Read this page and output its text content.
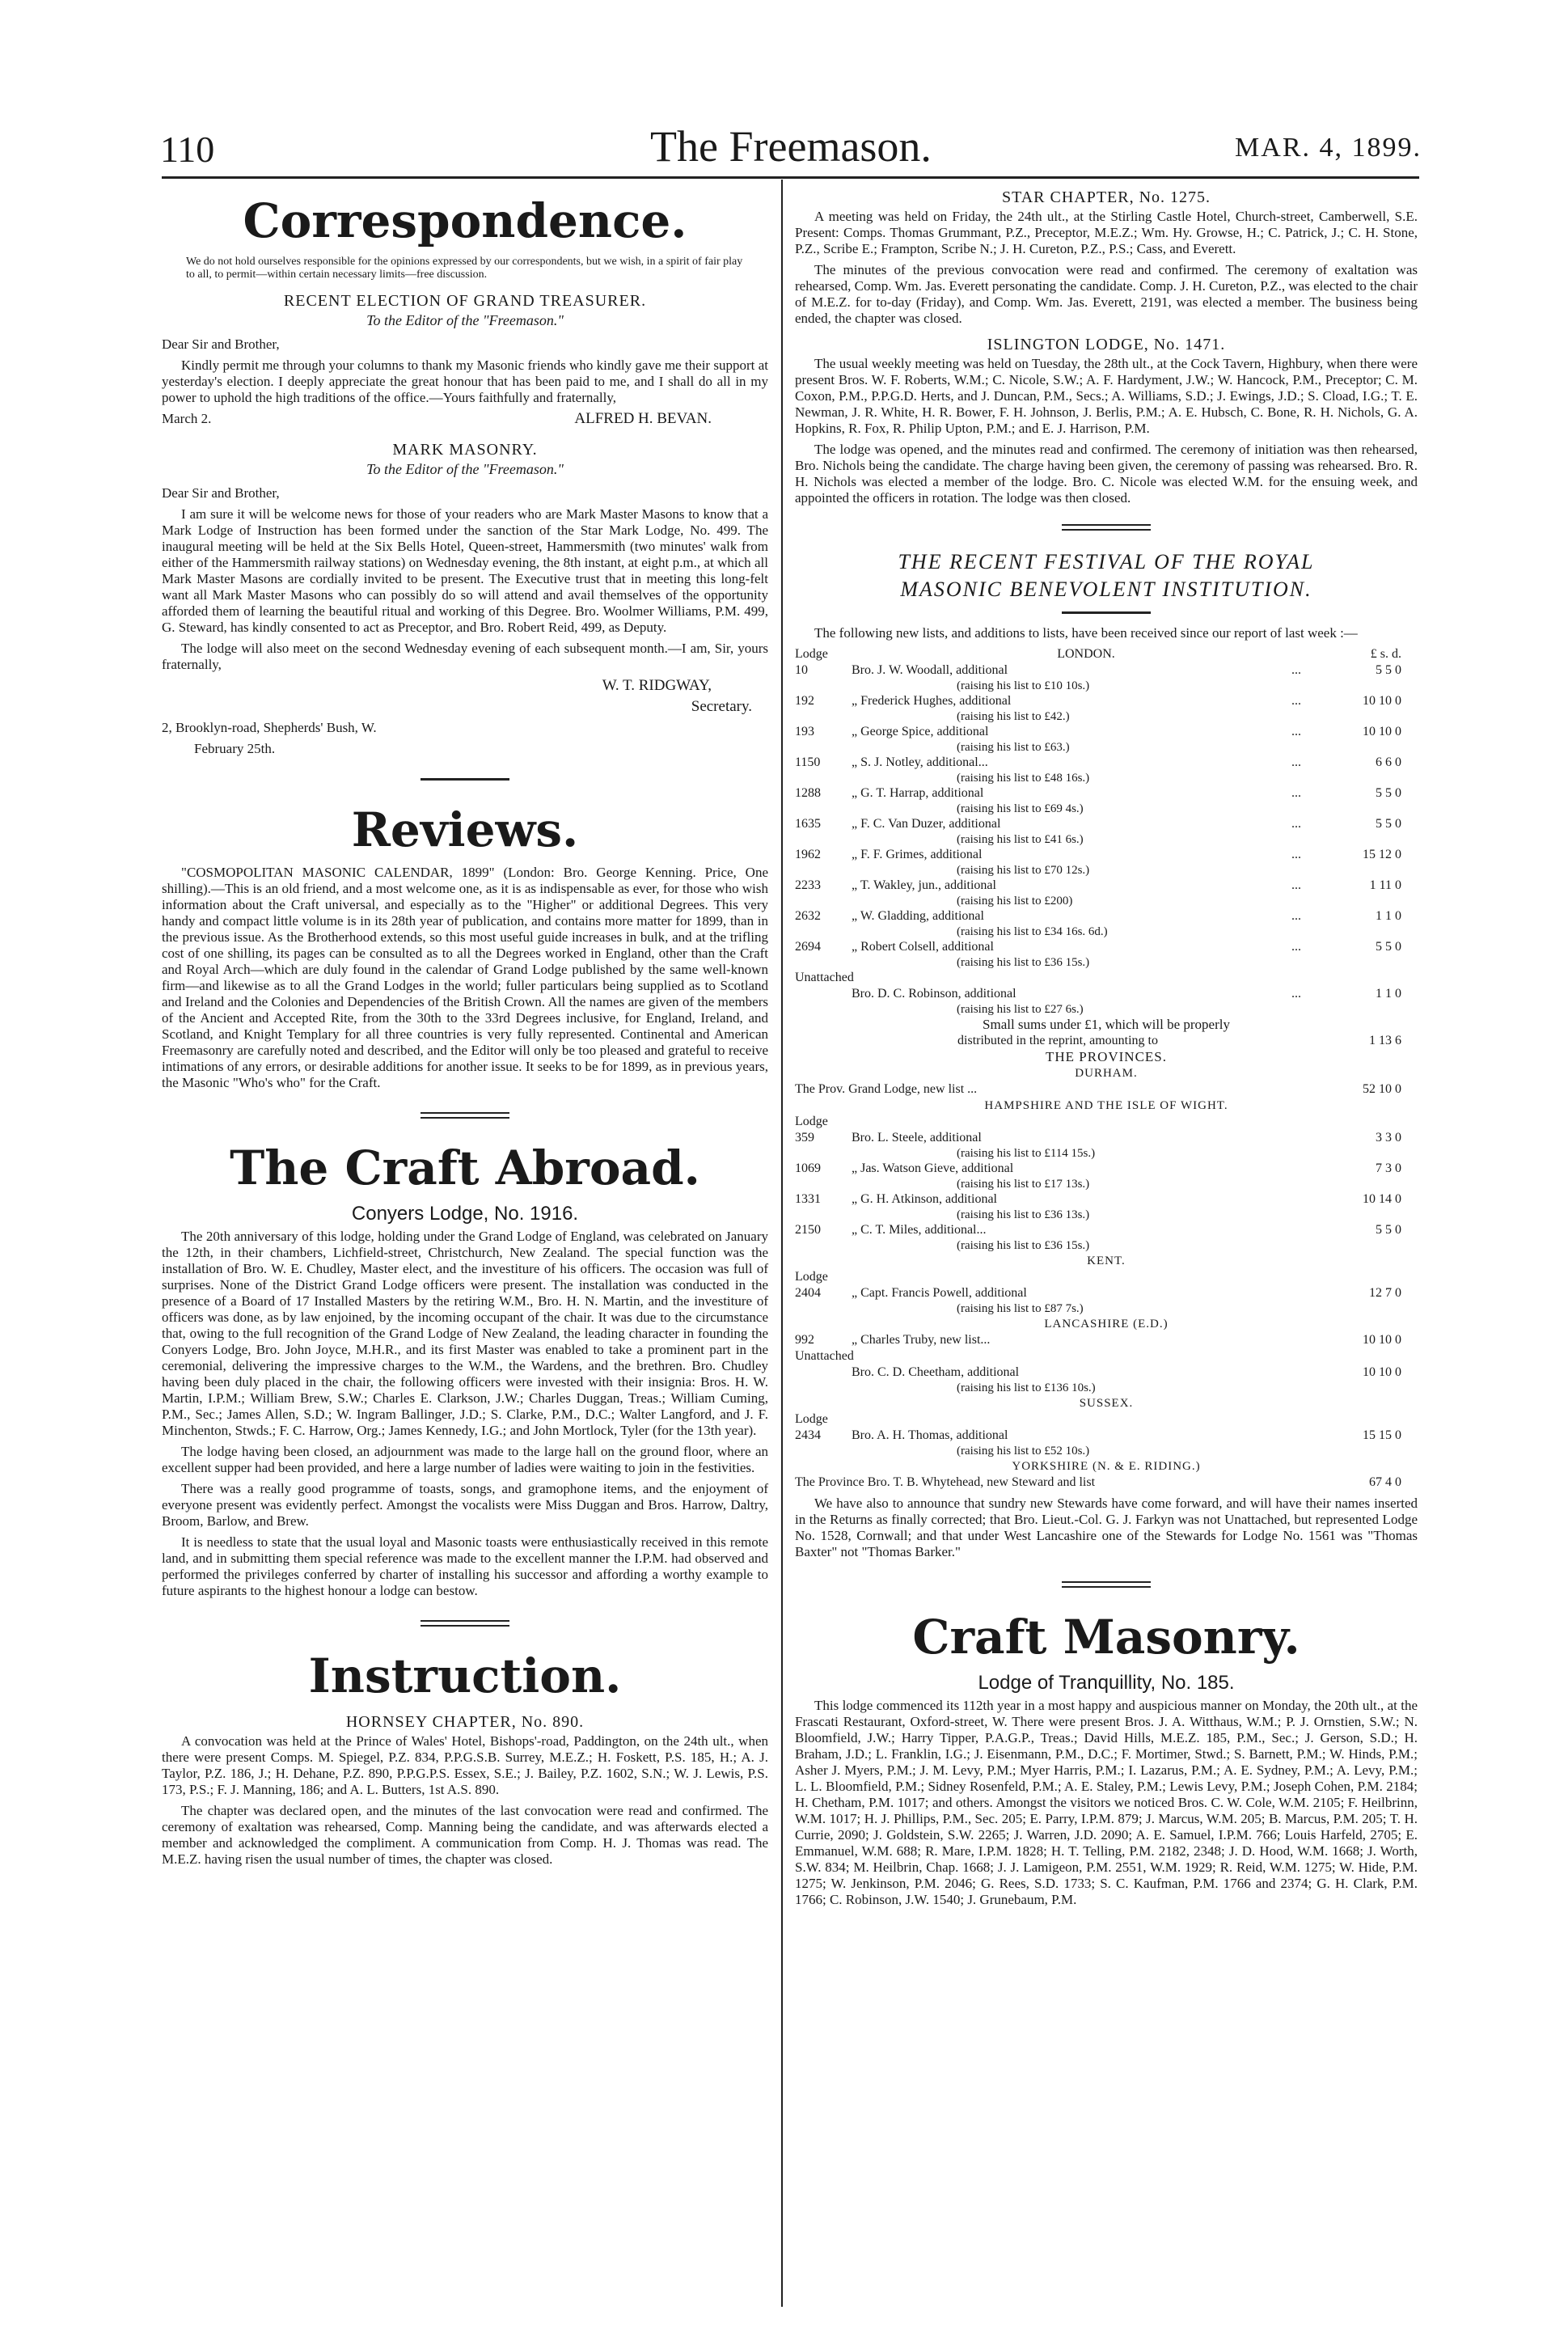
110	The Freemason.	MAR. 4, 1899.
Correspondence.
We do not hold ourselves responsible for the opinions expressed by our correspondents, but we wish, in a spirit of fair play to all, to permit—within certain necessary limits—free discussion.
RECENT ELECTION OF GRAND TREASURER.
To the Editor of the "Freemason."

Dear Sir and Brother,

Kindly permit me through your columns to thank my Masonic friends who kindly gave me their support at yesterday's election. I deeply appreciate the great honour that has been paid to me, and I shall do all in my power to uphold the high traditions of the office.—Yours faithfully and fraternally,

March 2.	ALFRED H. BEVAN.
MARK MASONRY.
To the Editor of the "Freemason."

Dear Sir and Brother,

I am sure it will be welcome news for those of your readers who are Mark Master Masons to know that a Mark Lodge of Instruction has been formed under the sanction of the Star Mark Lodge, No. 499. The inaugural meeting will be held at the Six Bells Hotel, Queen-street, Hammersmith (two minutes' walk from either of the Hammersmith railway stations) on Wednesday evening, the 8th instant, at eight p.m., at which all Mark Master Masons are cordially invited to be present. The Executive trust that in meeting this long-felt want all Mark Master Masons who can possibly do so will attend and avail themselves of the opportunity afforded them of learning the beautiful ritual and working of this Degree. Bro. Woolmer Williams, P.M. 499, G. Steward, has kindly consented to act as Preceptor, and Bro. Robert Reid, 499, as Deputy.

The lodge will also meet on the second Wednesday evening of each subsequent month.—I am, Sir, yours fraternally,

W. T. RIDGWAY,
Secretary.

2, Brooklyn-road, Shepherds' Bush, W.

February 25th.

Reviews.

"COSMOPOLITAN MASONIC CALENDAR, 1899" (London: Bro. George Kenning. Price, One shilling).—This is an old friend, and a most welcome one, as it is as indispensable as ever, for those who wish information about the Craft universal, and especially as to the "Higher" or additional Degrees. This very handy and compact little volume is in its 28th year of publication, and contains more matter for 1899, than in the previous issue. As the Brotherhood extends, so this most useful guide increases in bulk, and at the trifling cost of one shilling, its pages can be consulted as to all the Degrees worked in England, other than the Craft and Royal Arch—which are duly found in the calendar of Grand Lodge published by the same well-known firm—and likewise as to all the Grand Lodges in the world; fuller particulars being supplied as to Scotland and Ireland and the Colonies and Dependencies of the British Crown. All the names are given of the members of the Ancient and Accepted Rite, from the 30th to the 33rd Degrees inclusive, for England, Ireland, and Scotland, and Knight Templary for all three countries is very fully represented. Continental and American Freemasonry are carefully noted and described, and the Editor will only be too pleased and grateful to receive intimations of any errors, or desirable additions for another issue. It seeks to be for 1899, as in previous years, the Masonic "Who's who" for the Craft.

The Craft Abroad.
Conyers Lodge, No. 1916.

The 20th anniversary of this lodge, holding under the Grand Lodge of England, was celebrated on January the 12th, in their chambers, Lichfield-street, Christchurch, New Zealand. The special function was the installation of Bro. W. E. Chudley, Master elect, and the investiture of his officers. The occasion was full of surprises. None of the District Grand Lodge officers were present. The installation was conducted in the presence of a Board of 17 Installed Masters by the retiring W.M., Bro. H. N. Martin, and the investiture of officers was done, as by law enjoined, by the incoming occupant of the chair. It was due to the circumstance that, owing to the full recognition of the Grand Lodge of New Zealand, the leading character in founding the Conyers Lodge, Bro. John Joyce, M.H.R., and its first Master was enabled to take a prominent part in the ceremonial, delivering the impressive charges to the W.M., the Wardens, and the brethren. Bro. Chudley having been duly placed in the chair, the following officers were invested with their insignia: Bros. H. W. Martin, I.P.M.; William Brew, S.W.; Charles E. Clarkson, J.W.; Charles Duggan, Treas.; William Cuming, P.M., Sec.; James Allen, S.D.; W. Ingram Ballinger, J.D.; S. Clarke, P.M., D.C.; Walter Langford, and J. F. Minchenton, Stwds.; F. C. Harrow, Org.; James Kennedy, I.G.; and John Mortlock, Tyler (for the 13th year).

The lodge having been closed, an adjournment was made to the large hall on the ground floor, where an excellent supper had been provided, and here a large number of ladies were waiting to join in the festivities.

There was a really good programme of toasts, songs, and gramophone items, and the enjoyment of everyone present was evidently perfect. Amongst the vocalists were Miss Duggan and Bros. Harrow, Daltry, Broom, Barlow, and Brew.

It is needless to state that the usual loyal and Masonic toasts were enthusiastically received in this remote land, and in submitting them special reference was made to the excellent manner the I.P.M. had observed and performed the privileges conferred by charter of installing his successor and affording a worthy example to future aspirants to the highest honour a lodge can bestow.

Instruction.
HORNSEY CHAPTER, No. 890.

A convocation was held at the Prince of Wales' Hotel, Bishops'-road, Paddington, on the 24th ult., when there were present Comps. M. Spiegel, P.Z. 834, P.P.G.S.B. Surrey, M.E.Z.; H. Foskett, P.S. 185, H.; A. J. Taylor, P.Z. 186, J.; H. Dehane, P.Z. 890, P.P.G.P.S. Essex, S.E.; J. Bailey, P.Z. 1602, S.N.; W. J. Lewis, P.S. 173, P.S.; F. J. Manning, 186; and A. L. Butters, 1st A.S. 890.

The chapter was declared open, and the minutes of the last convocation were read and confirmed. The ceremony of exaltation was rehearsed, Comp. Manning being the candidate, and was afterwards elected a member and acknowledged the compliment. A communication from Comp. H. J. Thomas was read. The M.E.Z. having risen the usual number of times, the chapter was closed.

STAR CHAPTER, No. 1275.

A meeting was held on Friday, the 24th ult., at the Stirling Castle Hotel, Church-street, Camberwell, S.E. Present: Comps. Thomas Grummant, P.Z., Preceptor, M.E.Z.; Wm. Hy. Growse, H.; C. Patrick, J.; C. H. Stone, P.Z., Scribe E.; Frampton, Scribe N.; J. H. Cureton, P.Z., P.S.; Cass, and Everett.

The minutes of the previous convocation were read and confirmed. The ceremony of exaltation was rehearsed, Comp. Wm. Jas. Everett personating the candidate. Comp. J. H. Cureton, P.Z., was elected to the chair of M.E.Z. for to-day (Friday), and Comp. Wm. Jas. Everett, 2191, was elected a member. The business being ended, the chapter was closed.

ISLINGTON LODGE, No. 1471.

The usual weekly meeting was held on Tuesday, the 28th ult., at the Cock Tavern, Highbury, when there were present Bros. W. F. Roberts, W.M.; C. Nicole, S.W.; A. F. Hardyment, J.W.; W. Hancock, P.M., Preceptor; C. M. Coxon, P.M., P.P.G.D. Herts, and J. Duncan, P.M., Secs.; A. Williams, S.D.; J. Ewings, J.D.; S. Cload, I.G.; T. E. Newman, J. R. White, H. R. Bower, F. H. Johnson, J. Berlis, P.M.; A. E. Hubsch, C. Bone, R. H. Nichols, G. A. Hopkins, R. Fox, R. Philip Upton, P.M.; and E. J. Harrison, P.M.

The lodge was opened, and the minutes read and confirmed. The ceremony of initiation was then rehearsed, Bro. Nichols being the candidate. The charge having been given, the ceremony of passing was rehearsed. Bro. R. H. Nichols was elected a member of the lodge. Bro. C. Nicole was elected W.M. for the ensuing week, and appointed the officers in rotation. The lodge was then closed.

THE RECENT FESTIVAL OF THE ROYAL
MASONIC BENEVOLENT INSTITUTION.

The following new lists, and additions to lists, have been received since our report of last week :—

Lodge	LONDON.	£ s. d.
10	Bro. J. W. Woodall, additional	...	5 5 0
(raising his list to £10 10s.)
192	„ Frederick Hughes, additional	...	10 10 0
(raising his list to £42.)
193	„ George Spice, additional	...	10 10 0
(raising his list to £63.)
1150	„ S. J. Notley, additional...	...	6 6 0
(raising his list to £48 16s.)
1288	„ G. T. Harrap, additional	...	5 5 0
(raising his list to £69 4s.)
1635	„ F. C. Van Duzer, additional	...	5 5 0
(raising his list to £41 6s.)
1962	„ F. F. Grimes, additional	...	15 12 0
(raising his list to £70 12s.)
2233	„ T. Wakley, jun., additional	...	1 11 0
(raising his list to £200)
2632	„ W. Gladding, additional	...	1 1 0
(raising his list to £34 16s. 6d.)
2694	„ Robert Colsell, additional	...	5 5 0
(raising his list to £36 15s.)
Unattached
Bro. D. C. Robinson, additional	...	1 1 0
(raising his list to £27 6s.)
Small sums under £1, which will be properly
distributed in the reprint, amounting to	1 13 6
THE PROVINCES.
DURHAM.
The Prov. Grand Lodge, new list ...	52 10 0
HAMPSHIRE AND THE ISLE OF WIGHT.
Lodge
359	Bro. L. Steele, additional	3 3 0
(raising his list to £114 15s.)
1069	„ Jas. Watson Gieve, additional	7 3 0
(raising his list to £17 13s.)
1331	„ G. H. Atkinson, additional	10 14 0
(raising his list to £36 13s.)
2150	„ C. T. Miles, additional...	5 5 0
(raising his list to £36 15s.)
KENT.
Lodge
2404	„ Capt. Francis Powell, additional	12 7 0
(raising his list to £87 7s.)
LANCASHIRE (E.D.)
992	„ Charles Truby, new list...	10 10 0
Unattached
Bro. C. D. Cheetham, additional	10 10 0
(raising his list to £136 10s.)
SUSSEX.
Lodge
2434	Bro. A. H. Thomas, additional	15 15 0
(raising his list to £52 10s.)
YORKSHIRE (N. & E. RIDING.)
The Province Bro. T. B. Whytehead, new Steward and list	67 4 0

We have also to announce that sundry new Stewards have come forward, and will have their names inserted in the Returns as finally corrected; that Bro. Lieut.-Col. G. J. Farkyn was not Unattached, but represented Lodge No. 1528, Cornwall; and that under West Lancashire one of the Stewards for Lodge No. 1561 was "Thomas Baxter" not "Thomas Barker."

Craft Masonry.
Lodge of Tranquillity, No. 185.

This lodge commenced its 112th year in a most happy and auspicious manner on Monday, the 20th ult., at the Frascati Restaurant, Oxford-street, W. There were present Bros. J. A. Witthaus, W.M.; P. J. Ornstien, S.W.; N. Bloomfield, J.W.; Harry Tipper, P.A.G.P., Treas.; David Hills, M.E.Z. 185, P.M., Sec.; J. Gerson, S.D.; H. Braham, J.D.; L. Franklin, I.G.; J. Eisenmann, P.M., D.C.; F. Mortimer, Stwd.; S. Barnett, P.M.; W. Hinds, P.M.; Asher J. Myers, P.M.; J. M. Levy, P.M.; Myer Harris, P.M.; I. Lazarus, P.M.; A. E. Sydney, P.M.; A. Levy, P.M.; L. L. Bloomfield, P.M.; Sidney Rosenfeld, P.M.; A. E. Staley, P.M.; Lewis Levy, P.M.; Joseph Cohen, P.M. 2184; H. Chetham, P.M. 1017; and others. Amongst the visitors we noticed Bros. C. W. Cole, W.M. 2105; F. Heilbrinn, W.M. 1017; H. J. Phillips, P.M., Sec. 205; E. Parry, I.P.M. 879; J. Marcus, W.M. 205; B. Marcus, P.M. 205; T. H. Currie, 2090; J. Goldstein, S.W. 2265; J. Warren, J.D. 2090; A. E. Samuel, I.P.M. 766; Louis Harfeld, 2705; E. Emmanuel, W.M. 688; R. Mare, I.P.M. 1828; H. T. Telling, P.M. 2182, 2348; J. D. Hood, W.M. 1668; J. Worth, S.W. 834; M. Heilbrin, Chap. 1668; J. J. Lamigeon, P.M. 2551, W.M. 1929; R. Reid, W.M. 1275; W. Hide, P.M. 1275; W. Jenkinson, P.M. 2046; G. Rees, S.D. 1733; S. C. Kaufman, P.M. 1766 and 2374; G. H. Clark, P.M. 1766; C. Robinson, J.W. 1540; J. Grunebaum, P.M.
